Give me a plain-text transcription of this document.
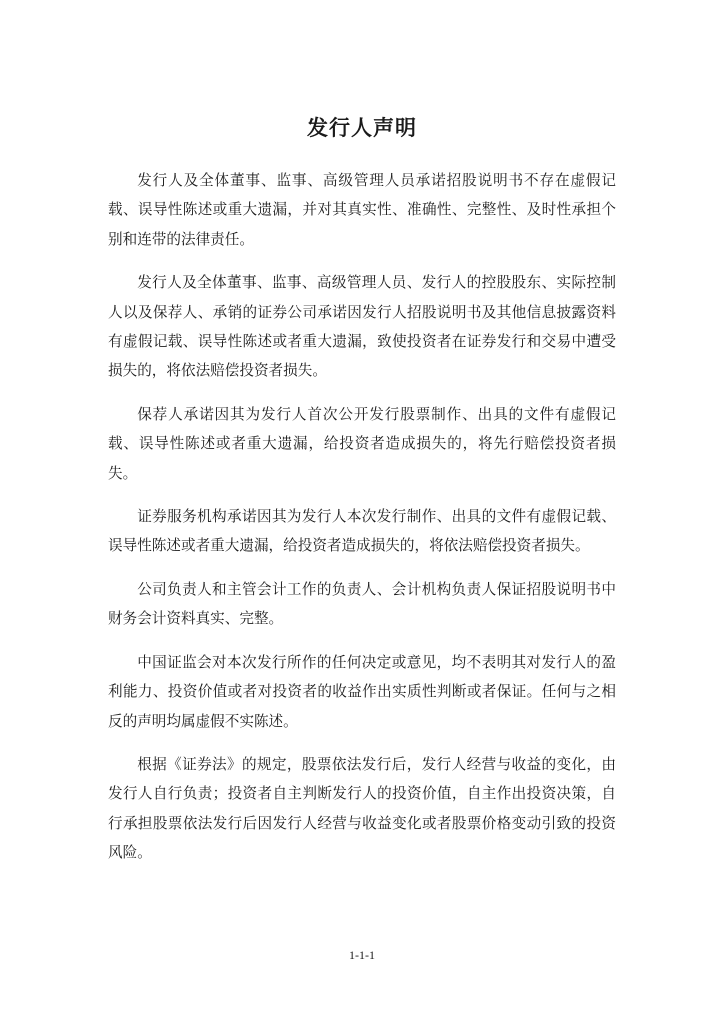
发行人声明

发行人及全体董事、监事、高级管理人员承诺招股说明书不存在虚假记载、误导性陈述或重大遗漏，并对其真实性、准确性、完整性、及时性承担个别和连带的法律责任。

发行人及全体董事、监事、高级管理人员、发行人的控股股东、实际控制人以及保荐人、承销的证券公司承诺因发行人招股说明书及其他信息披露资料有虚假记载、误导性陈述或者重大遗漏，致使投资者在证券发行和交易中遭受损失的，将依法赔偿投资者损失。

保荐人承诺因其为发行人首次公开发行股票制作、出具的文件有虚假记载、误导性陈述或者重大遗漏，给投资者造成损失的，将先行赔偿投资者损失。

证券服务机构承诺因其为发行人本次发行制作、出具的文件有虚假记载、误导性陈述或者重大遗漏，给投资者造成损失的，将依法赔偿投资者损失。

公司负责人和主管会计工作的负责人、会计机构负责人保证招股说明书中财务会计资料真实、完整。

中国证监会对本次发行所作的任何决定或意见，均不表明其对发行人的盈利能力、投资价值或者对投资者的收益作出实质性判断或者保证。任何与之相反的声明均属虚假不实陈述。

根据《证券法》的规定，股票依法发行后，发行人经营与收益的变化，由发行人自行负责；投资者自主判断发行人的投资价值，自主作出投资决策，自行承担股票依法发行后因发行人经营与收益变化或者股票价格变动引致的投资风险。

1-1-1
